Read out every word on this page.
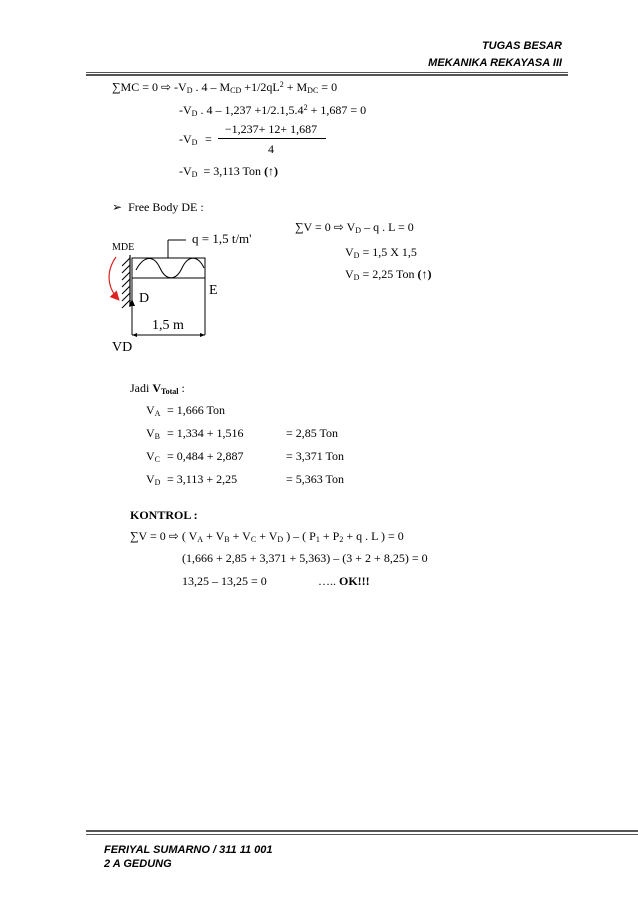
TUGAS BESAR
MEKANIKA REKAYASA III
∑MC = 0 ⇨ $-V_D$ . $4 - M_{CD} +1/2qL^2 + M_{DC} = 0$
$-V_D$ . $4 - 1,237 +1/2.1,5.4^2 + 1,687 = 0$
$-V_D$ =
−1,237+ 12+ 1,687
4
$-V_D = 3,113$ Ton (↑)
➢ Free Body DE :
q = 1,5 t/m'
MDE
E
D
1,5 m
VD
∑V = 0 ⇨ $V_D$ – q . L = 0
$V_D = 1,5$ X 1,5
$V_D = 2,25$ Ton (↑)
Jadi $V_{Total}$ :
$V_A = 1,666$ Ton
$V_B = 1,334 + 1,516$	= 2,85 Ton
$V_C = 0,484 + 2,887$	= 3,371 Ton
$V_D = 3,113 + 2,25$	= 5,363 Ton
KONTROL :
∑V = 0 ⇨ ( $V_A + V_B + V_C + V_D$ ) – ( $P_1 + P_2 + q$ . L ) = 0
(1,666 + 2,85 + 3,371 + 5,363) – (3 + 2 + 8,25) = 0
13,25 – 13,25 = 0	….. OK!!!
FERIYAL SUMARNO / 311 11 001
2 A GEDUNG
